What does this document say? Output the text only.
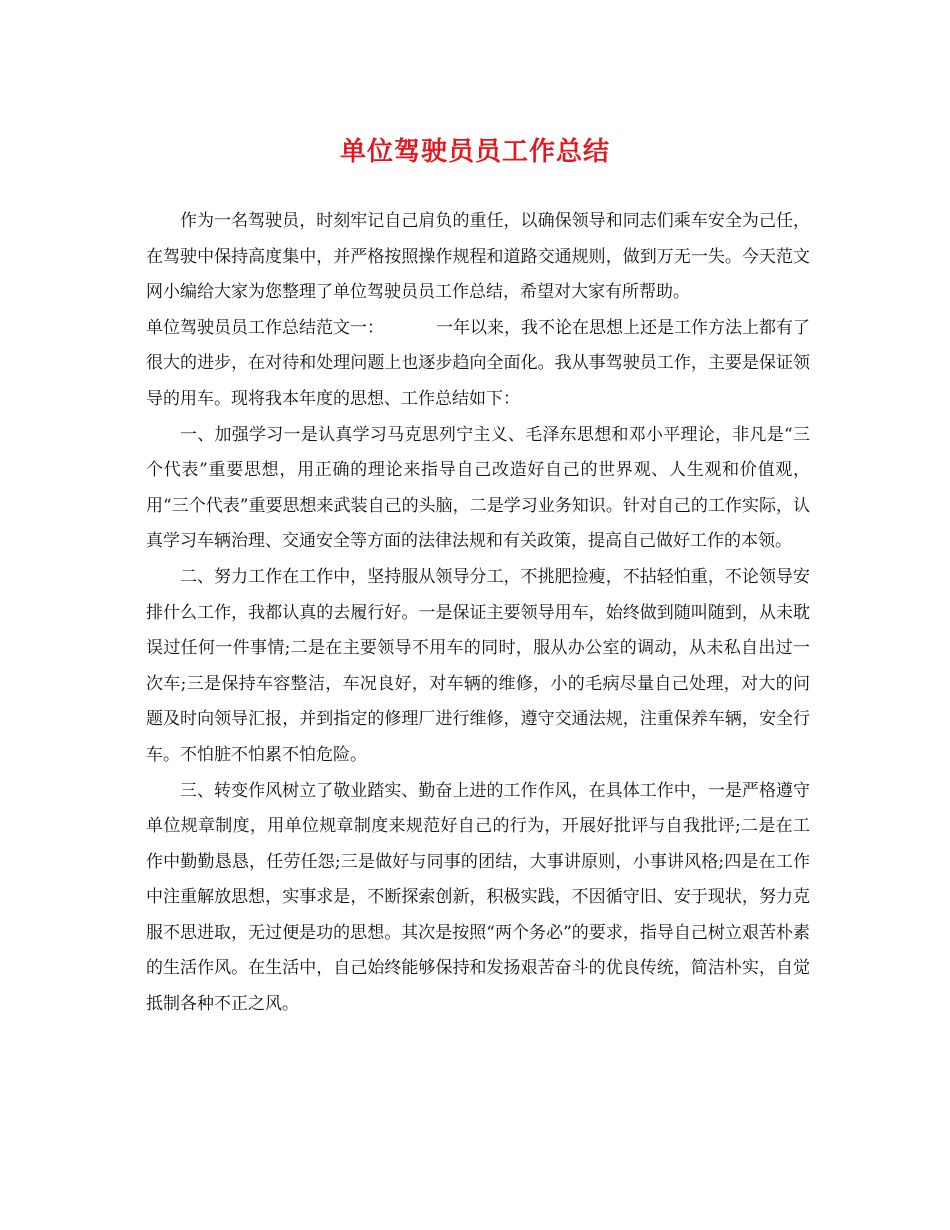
单位驾驶员员工作总结

作为一名驾驶员，时刻牢记自己肩负的重任，以确保领导和同志们乘车安全为己任，在驾驶中保持高度集中，并严格按照操作规程和道路交通规则，做到万无一失。今天范文网小编给大家为您整理了单位驾驶员员工作总结，希望对大家有所帮助。

单位驾驶员员工作总结范文一：	一年以来，我不论在思想上还是工作方法上都有了很大的进步，在对待和处理问题上也逐步趋向全面化。我从事驾驶员工作，主要是保证领导的用车。现将我本年度的思想、工作总结如下：

一、加强学习一是认真学习马克思列宁主义、毛泽东思想和邓小平理论，非凡是“三个代表”重要思想，用正确的理论来指导自己改造好自己的世界观、人生观和价值观，用“三个代表”重要思想来武装自己的头脑，二是学习业务知识。针对自己的工作实际，认真学习车辆治理、交通安全等方面的法律法规和有关政策，提高自己做好工作的本领。

二、努力工作在工作中，坚持服从领导分工，不挑肥捡瘦，不拈轻怕重，不论领导安排什么工作，我都认真的去履行好。一是保证主要领导用车，始终做到随叫随到，从未耽误过任何一件事情;二是在主要领导不用车的同时，服从办公室的调动，从未私自出过一次车;三是保持车容整洁，车况良好，对车辆的维修，小的毛病尽量自己处理，对大的问题及时向领导汇报，并到指定的修理厂进行维修，遵守交通法规，注重保养车辆，安全行车。不怕脏不怕累不怕危险。

三、转变作风树立了敬业踏实、勤奋上进的工作作风，在具体工作中，一是严格遵守单位规章制度，用单位规章制度来规范好自己的行为，开展好批评与自我批评;二是在工作中勤勤恳恳，任劳任怨;三是做好与同事的团结，大事讲原则，小事讲风格;四是在工作中注重解放思想，实事求是，不断探索创新，积极实践，不因循守旧、安于现状，努力克服不思进取，无过便是功的思想。其次是按照“两个务必”的要求，指导自己树立艰苦朴素的生活作风。在生活中，自己始终能够保持和发扬艰苦奋斗的优良传统，简洁朴实，自觉抵制各种不正之风。
